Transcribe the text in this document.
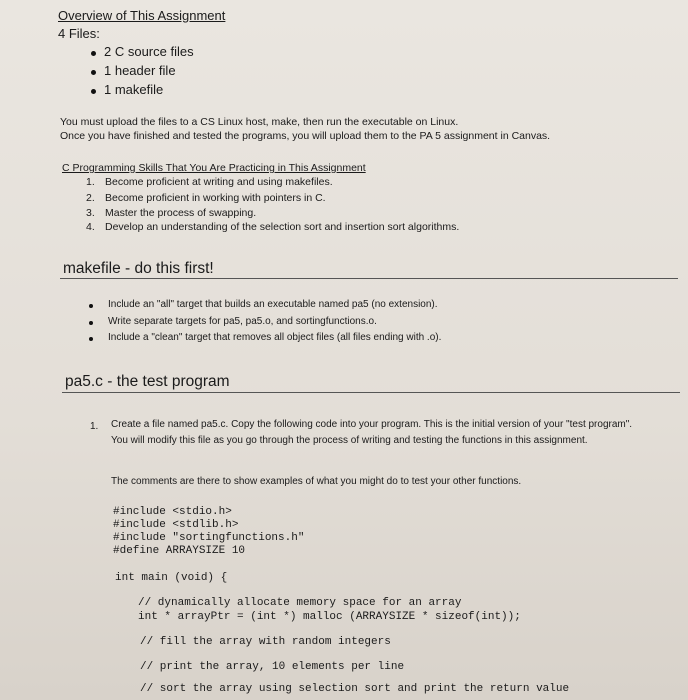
Overview of This Assignment
4 Files:
2 C source files
1 header file
1 makefile
You must upload the files to a CS Linux host, make, then run the executable on Linux.
Once you have finished and tested the programs, you will upload them to the PA 5 assignment in Canvas.
C Programming Skills That You Are Practicing in This Assignment
1. Become proficient at writing and using makefiles.
2. Become proficient in working with pointers in C.
3. Master the process of swapping.
4. Develop an understanding of the selection sort and insertion sort algorithms.
makefile - do this first!
Include an "all" target that builds an executable named pa5 (no extension).
Write separate targets for pa5, pa5.o, and sortingfunctions.o.
Include a "clean" target that removes all object files (all files ending with .o).
pa5.c - the test program
1. Create a file named pa5.c. Copy the following code into your program. This is the initial version of your "test program". You will modify this file as you go through the process of writing and testing the functions in this assignment.
The comments are there to show examples of what you might do to test your other functions.
#include <stdio.h>
#include <stdlib.h>
#include "sortingfunctions.h"
#define ARRAYSIZE 10
int main (void) {
// dynamically allocate memory space for an array
int * arrayPtr = (int *) malloc (ARRAYSIZE * sizeof(int));
// fill the array with random integers
// print the array, 10 elements per line
// sort the array using selection sort and print the return value
